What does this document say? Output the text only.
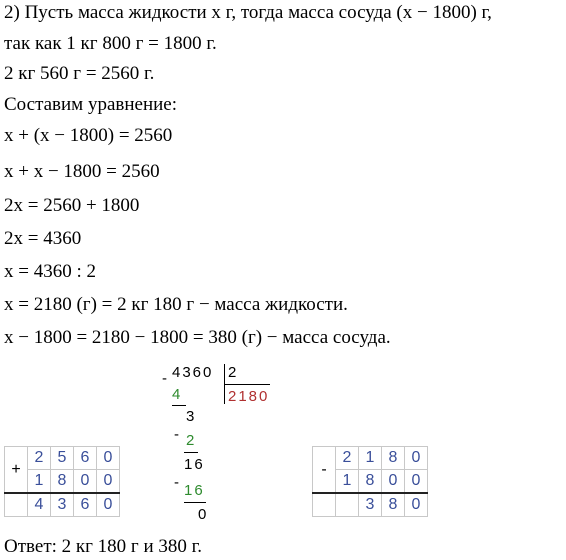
2) Пусть масса жидкости x г, тогда масса сосуда (x − 1800) г,
так как 1 кг 800 г = 1800 г.
2 кг 560 г = 2560 г.
Составим уравнение:
x + (x − 1800) = 2560
x + x − 1800 = 2560
2x = 2560 + 1800
2x = 4360
x = 4360 : 2
x = 2180 (г) = 2 кг 180 г − масса жидкости.
x − 1800 = 2180 − 1800 = 380 (г) − масса сосуда.
- 4360 2
2180
4
3
- 2
16
- 16
0
+	2	5	6	0
	1	8	0	0
	4	3	6	0
-	2	1	8	0
	1	8	0	0
		3	8	0
Ответ: 2 кг 180 г и 380 г.
